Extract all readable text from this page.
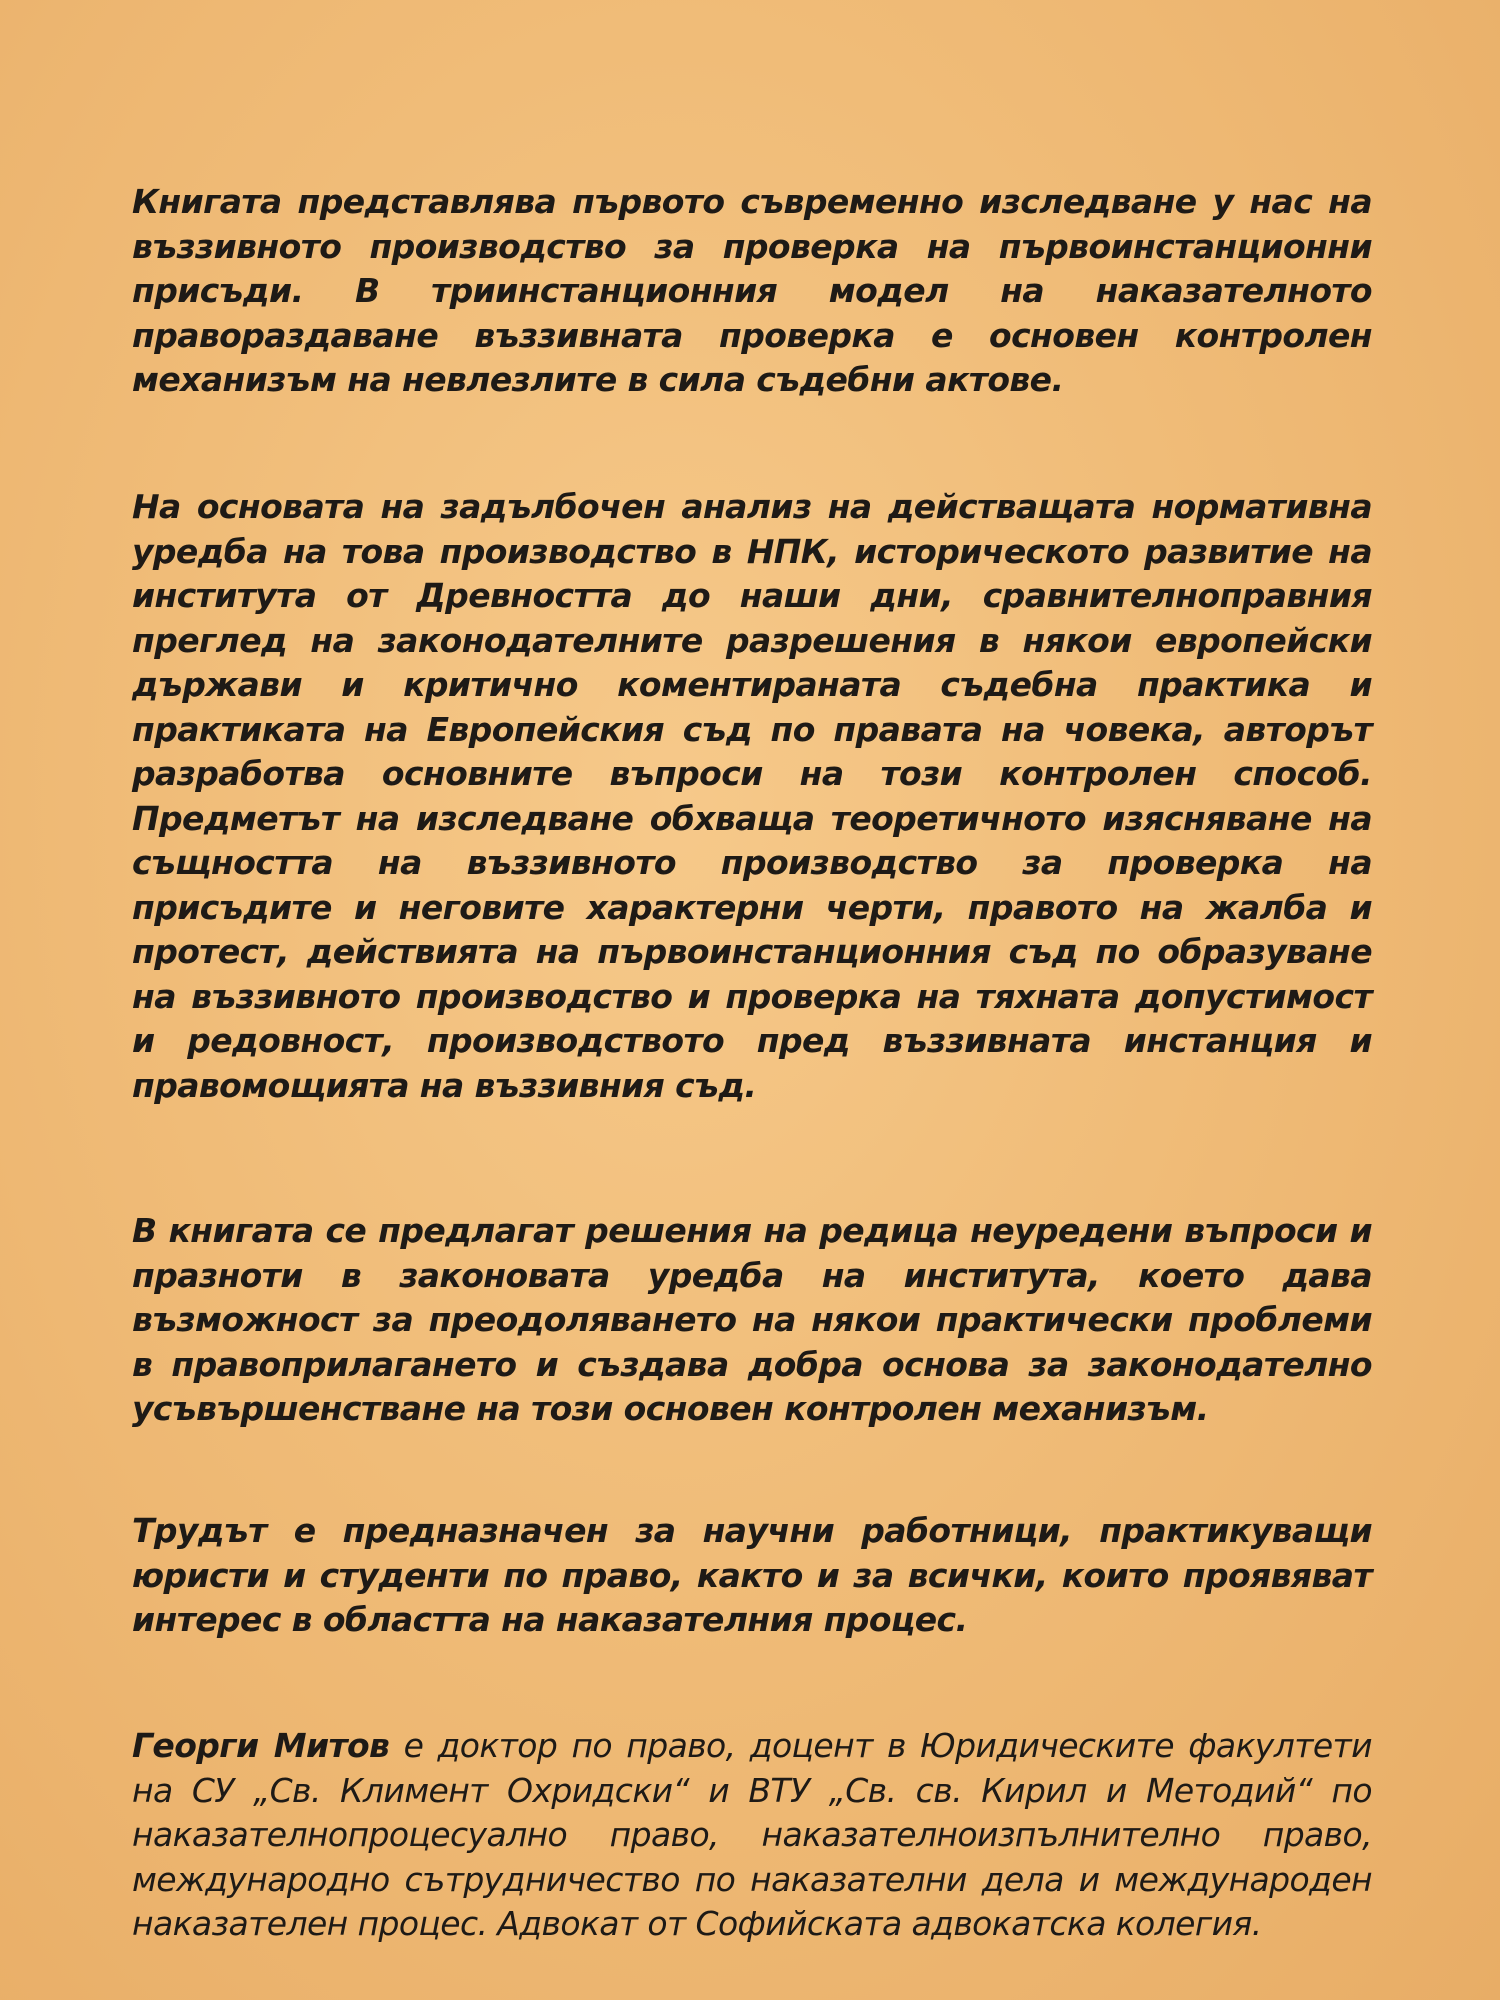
Книгата представлява първото съвременно изследване у нас на въззивното производство за проверка на първоинстанционни присъди. В триинстанционния модел на наказателното правораздаване въззивната проверка е основен контролен механизъм на невлезлите в сила съдебни актове.

На основата на задълбочен анализ на действащата нормативна уредба на това производство в НПК, историческото развитие на института от Древността до наши дни, сравнителноправния преглед на законодателните разрешения в някои европейски държави и критично коментираната съдебна практика и практиката на Европейския съд по правата на човека, авторът разработва основните въпроси на този контролен способ. Предметът на изследване обхваща теоретичното изясняване на същността на въззивното производство за проверка на присъдите и неговите характерни черти, правото на жалба и протест, действията на първоинстанционния съд по образуване на въззивното производство и проверка на тяхната допустимост и редовност, производството пред въззивната инстанция и правомощията на въззивния съд.

В книгата се предлагат решения на редица неуредени въпроси и празноти в законовата уредба на института, което дава възможност за преодоляването на някои практически проблеми в правоприлагането и създава добра основа за законодателно усъвършенстване на този основен контролен механизъм.

Трудът е предназначен за научни работници, практикуващи юристи и студенти по право, както и за всички, които проявяват интерес в областта на наказателния процес.

Георги Митов е доктор по право, доцент в Юридическите факултети на СУ „Св. Климент Охридски“ и ВТУ „Св. св. Кирил и Методий“ по наказателнопроцесуално право, наказателноизпълнително право, международно сътрудничество по наказателни дела и международен наказателен процес. Адвокат от Софийската адвокатска колегия.
